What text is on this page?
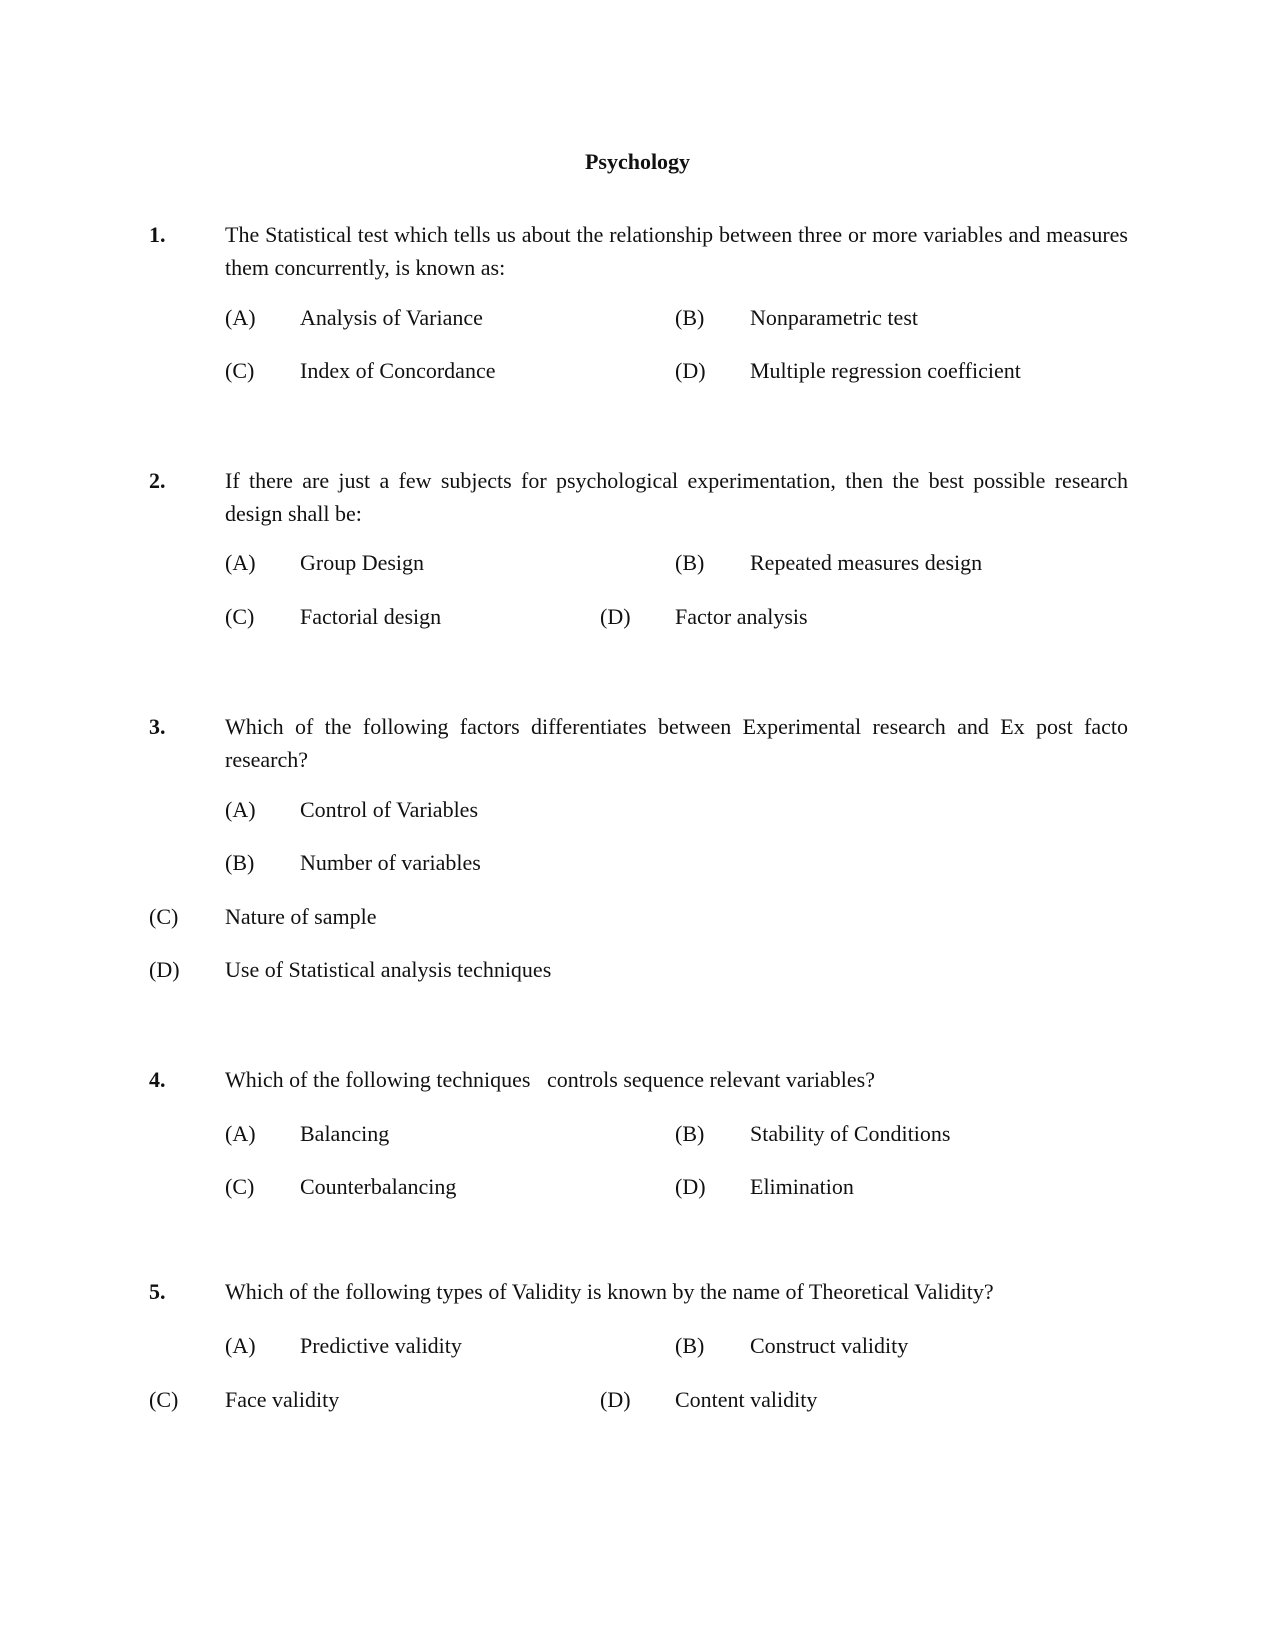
Psychology
1.	The Statistical test which tells us about the relationship between three or more variables and measures them concurrently, is known as:
(A) Analysis of Variance	(B) Nonparametric test
(C) Index of Concordance	(D) Multiple regression coefficient
2.	If there are just a few subjects for psychological experimentation, then the best possible research design shall be:
(A) Group Design	(B) Repeated measures design
(C) Factorial design	(D) Factor analysis
3.	Which of the following factors differentiates between Experimental research and Ex post facto research?
(A) Control of Variables
(B) Number of variables
(C) Nature of sample
(D) Use of Statistical analysis techniques
4.	Which of the following techniques   controls sequence relevant variables?
(A) Balancing	(B) Stability of Conditions
(C) Counterbalancing	(D) Elimination
5.	Which of the following types of Validity is known by the name of Theoretical Validity?
(A) Predictive validity	(B) Construct validity
(C) Face validity	(D) Content validity
